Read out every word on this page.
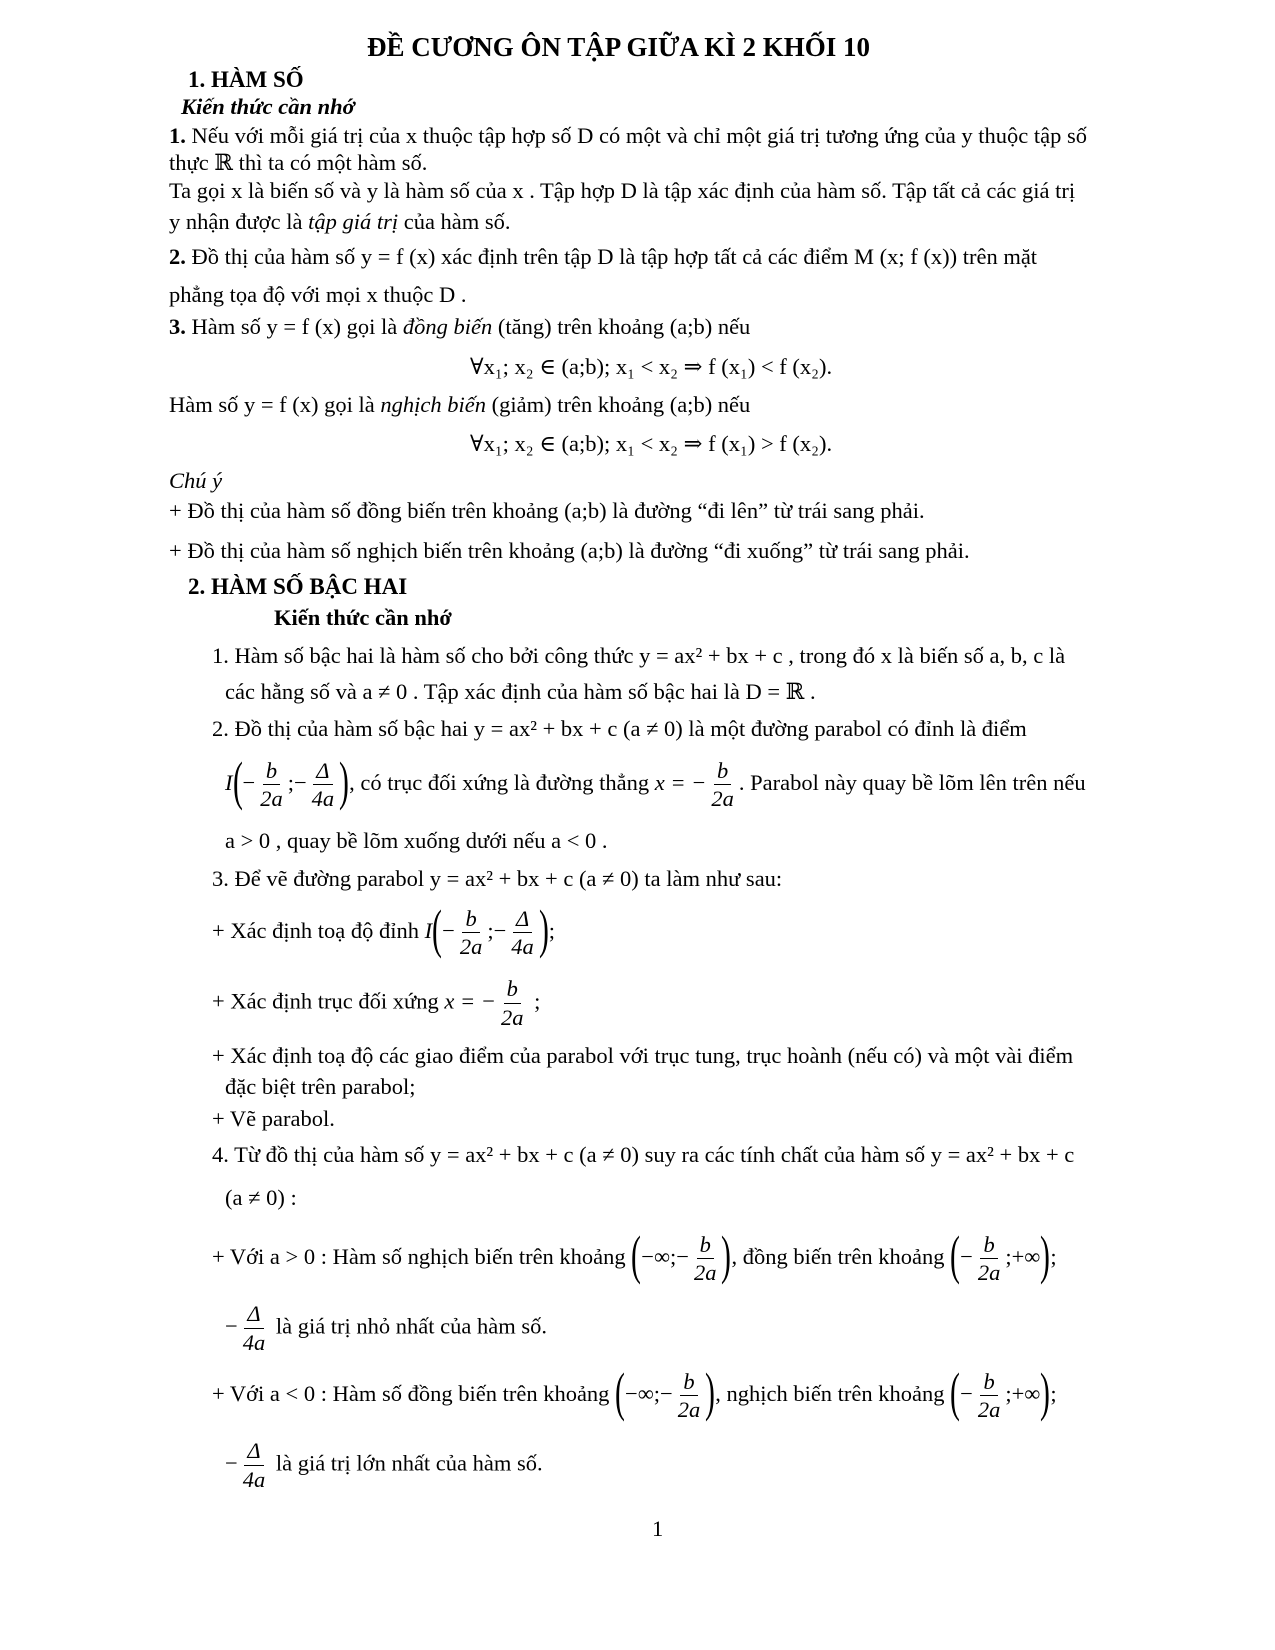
ĐỀ CƯƠNG ÔN TẬP GIỮA KÌ 2 KHỐI 10
1. HÀM SỐ
Kiến thức cần nhớ
1. Nếu với mỗi giá trị của x thuộc tập hợp số D có một và chỉ một giá trị tương ứng của y thuộc tập số
thực ℝ thì ta có một hàm số.
Ta gọi x là biến số và y là hàm số của x . Tập hợp D là tập xác định của hàm số. Tập tất cả các giá trị
y nhận được là tập giá trị của hàm số.
2. Đồ thị của hàm số y = f (x) xác định trên tập D là tập hợp tất cả các điểm M (x; f (x)) trên mặt
phẳng tọa độ với mọi x thuộc D .
3. Hàm số y = f (x) gọi là đồng biến (tăng) trên khoảng (a;b) nếu
∀x₁; x₂ ∈ (a;b); x₁ < x₂ ⇒ f (x₁) < f (x₂).
Hàm số y = f (x) gọi là nghịch biến (giảm) trên khoảng (a;b) nếu
∀x₁; x₂ ∈ (a;b); x₁ < x₂ ⇒ f (x₁) > f (x₂).
Chú ý
+ Đồ thị của hàm số đồng biến trên khoảng (a;b) là đường “đi lên” từ trái sang phải.
+ Đồ thị của hàm số nghịch biến trên khoảng (a;b) là đường “đi xuống” từ trái sang phải.
2. HÀM SỐ BẬC HAI
Kiến thức cần nhớ
1. Hàm số bậc hai là hàm số cho bởi công thức y = ax² + bx + c , trong đó x là biến số a, b, c là
các hằng số và a ≠ 0 . Tập xác định của hàm số bậc hai là D = ℝ .
2. Đồ thị của hàm số bậc hai y = ax² + bx + c (a ≠ 0) là một đường parabol có đỉnh là điểm
$I(- \frac{b}{2a}$ ;− $\frac{\Delta}{4a}$ ), có trục đối xứng là đường thẳng x = − $\frac{b}{2a}$ . Parabol này quay bề lõm lên trên nếu
a > 0 , quay bề lõm xuống dưới nếu a < 0 .
3. Để vẽ đường parabol y = ax² + bx + c (a ≠ 0) ta làm như sau:
+ Xác định toạ độ đỉnh $I(- \frac{b}{2a}$ ;− $\frac{\Delta}{4a}$ );
+ Xác định trục đối xứng x = − $\frac{b}{2a}$ ;
+ Xác định toạ độ các giao điểm của parabol với trục tung, trục hoành (nếu có) và một vài điểm
đặc biệt trên parabol;
+ Vẽ parabol.
4. Từ đồ thị của hàm số y = ax² + bx + c (a ≠ 0) suy ra các tính chất của hàm số y = ax² + bx + c
(a ≠ 0) :
+ Với a > 0 : Hàm số nghịch biến trên khoảng (−∞;− $\frac{b}{2a}$ ), đồng biến trên khoảng (− $\frac{b}{2a}$ ;+∞);
− $\frac{\Delta}{4a}$ là giá trị nhỏ nhất của hàm số.
+ Với a < 0 : Hàm số đồng biến trên khoảng (−∞;− $\frac{b}{2a}$ ), nghịch biến trên khoảng (− $\frac{b}{2a}$ ;+∞);
− $\frac{\Delta}{4a}$ là giá trị lớn nhất của hàm số.
1
